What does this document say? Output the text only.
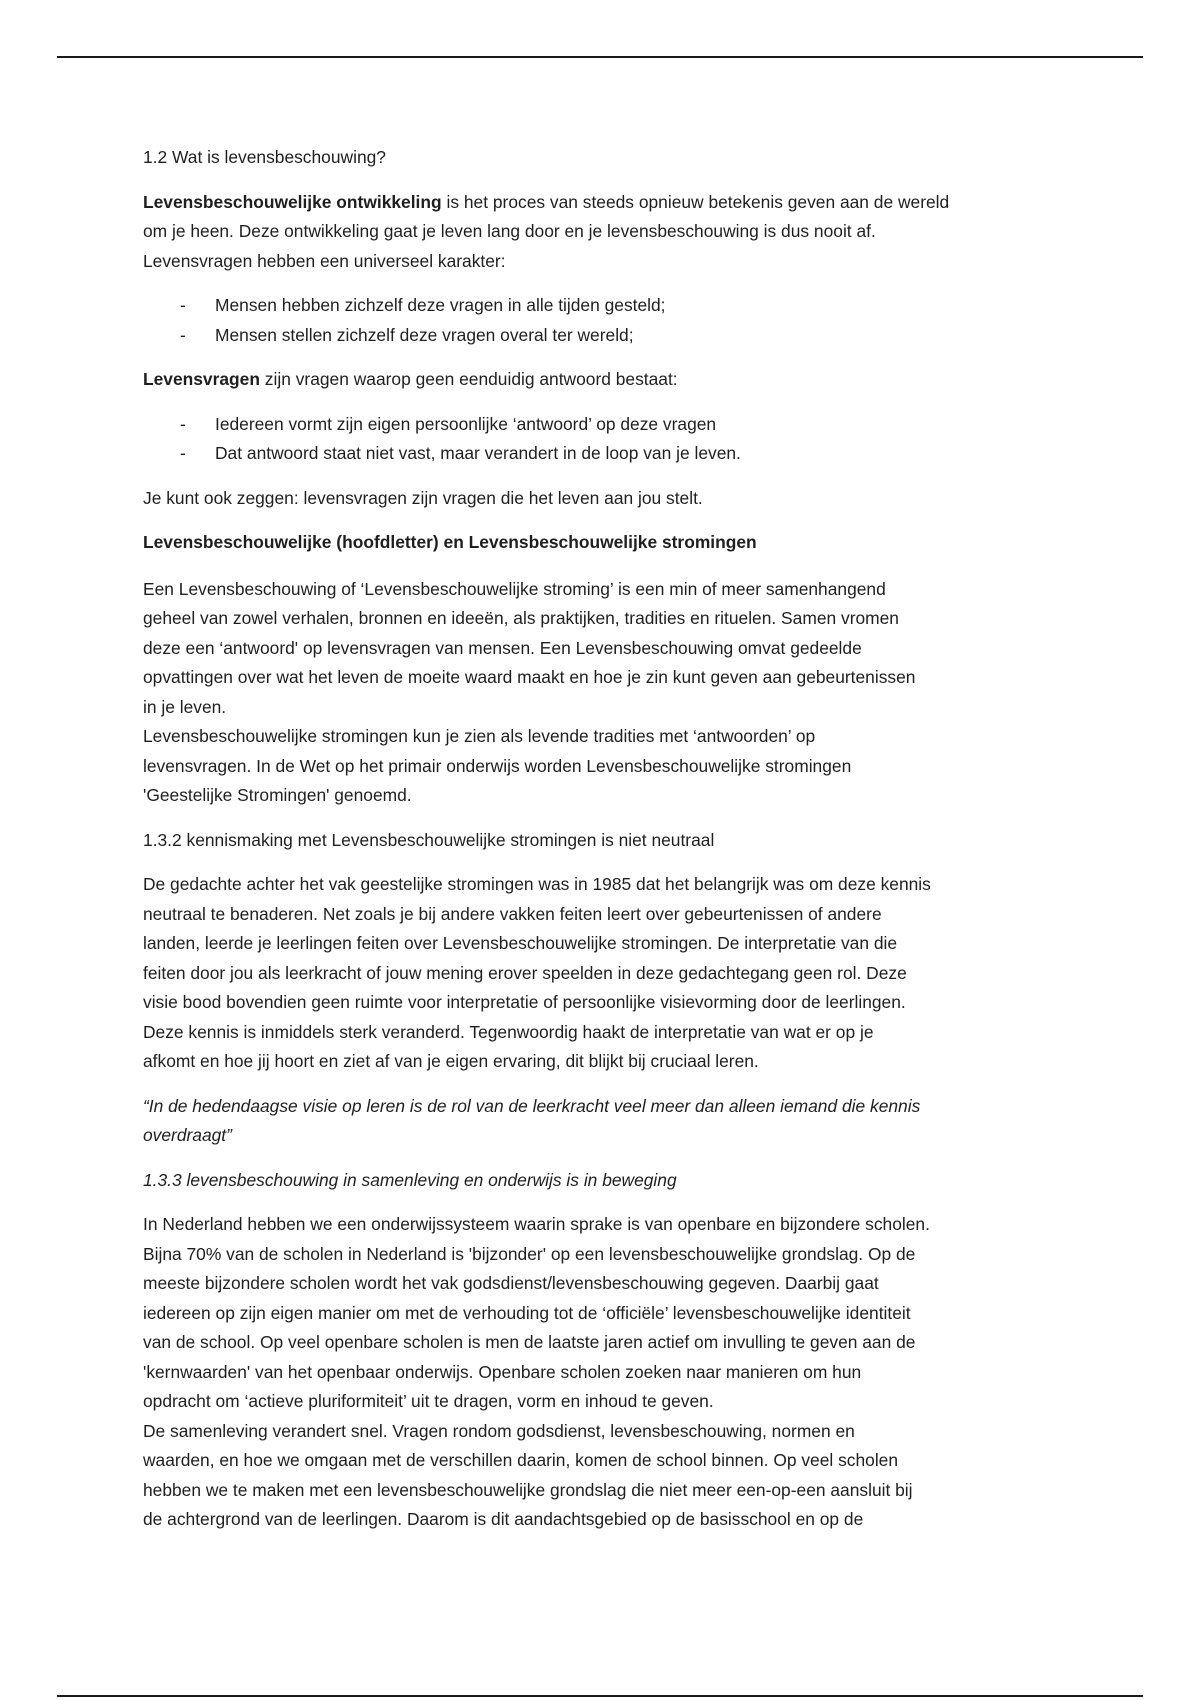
1.2 Wat is levensbeschouwing?

Levensbeschouwelijke ontwikkeling is het proces van steeds opnieuw betekenis geven aan de wereld
om je heen. Deze ontwikkeling gaat je leven lang door en je levensbeschouwing is dus nooit af.
Levensvragen hebben een universeel karakter:

- Mensen hebben zichzelf deze vragen in alle tijden gesteld;
- Mensen stellen zichzelf deze vragen overal ter wereld;

Levensvragen zijn vragen waarop geen eenduidig antwoord bestaat:

- Iedereen vormt zijn eigen persoonlijke ‘antwoord’ op deze vragen
- Dat antwoord staat niet vast, maar verandert in de loop van je leven.

Je kunt ook zeggen: levensvragen zijn vragen die het leven aan jou stelt.

Levensbeschouwelijke (hoofdletter) en Levensbeschouwelijke stromingen

Een Levensbeschouwing of ‘Levensbeschouwelijke stroming’ is een min of meer samenhangend
geheel van zowel verhalen, bronnen en ideeën, als praktijken, tradities en rituelen. Samen vromen
deze een ‘antwoord' op levensvragen van mensen. Een Levensbeschouwing omvat gedeelde
opvattingen over wat het leven de moeite waard maakt en hoe je zin kunt geven aan gebeurtenissen
in je leven.
Levensbeschouwelijke stromingen kun je zien als levende tradities met ‘antwoorden’ op
levensvragen. In de Wet op het primair onderwijs worden Levensbeschouwelijke stromingen
'Geestelijke Stromingen' genoemd.

1.3.2 kennismaking met Levensbeschouwelijke stromingen is niet neutraal

De gedachte achter het vak geestelijke stromingen was in 1985 dat het belangrijk was om deze kennis
neutraal te benaderen. Net zoals je bij andere vakken feiten leert over gebeurtenissen of andere
landen, leerde je leerlingen feiten over Levensbeschouwelijke stromingen. De interpretatie van die
feiten door jou als leerkracht of jouw mening erover speelden in deze gedachtegang geen rol. Deze
visie bood bovendien geen ruimte voor interpretatie of persoonlijke visievorming door de leerlingen.
Deze kennis is inmiddels sterk veranderd. Tegenwoordig haakt de interpretatie van wat er op je
afkomt en hoe jij hoort en ziet af van je eigen ervaring, dit blijkt bij cruciaal leren.

“In de hedendaagse visie op leren is de rol van de leerkracht veel meer dan alleen iemand die kennis
overdraagt”

1.3.3 levensbeschouwing in samenleving en onderwijs is in beweging

In Nederland hebben we een onderwijssysteem waarin sprake is van openbare en bijzondere scholen.
Bijna 70% van de scholen in Nederland is 'bijzonder' op een levensbeschouwelijke grondslag. Op de
meeste bijzondere scholen wordt het vak godsdienst/levensbeschouwing gegeven. Daarbij gaat
iedereen op zijn eigen manier om met de verhouding tot de ‘officiële’ levensbeschouwelijke identiteit
van de school. Op veel openbare scholen is men de laatste jaren actief om invulling te geven aan de
'kernwaarden' van het openbaar onderwijs. Openbare scholen zoeken naar manieren om hun
opdracht om ‘actieve pluriformiteit’ uit te dragen, vorm en inhoud te geven.
De samenleving verandert snel. Vragen rondom godsdienst, levensbeschouwing, normen en
waarden, en hoe we omgaan met de verschillen daarin, komen de school binnen. Op veel scholen
hebben we te maken met een levensbeschouwelijke grondslag die niet meer een-op-een aansluit bij
de achtergrond van de leerlingen. Daarom is dit aandachtsgebied op de basisschool en op de
